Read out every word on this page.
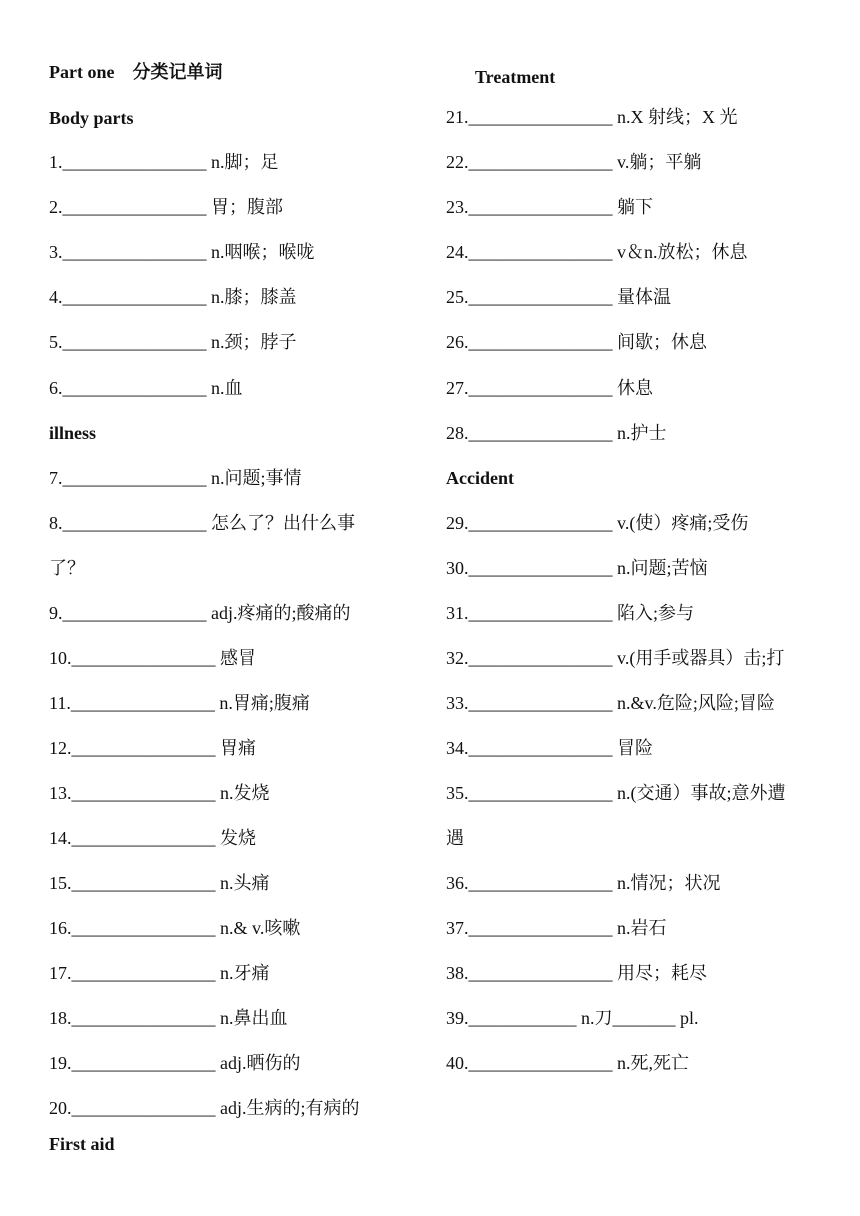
Part one 分类记单词
Body parts
1.________________ n.脚；足
2.________________ 胃；腹部
3.________________ n.咽喉；喉咙
4.________________ n.膝；膝盖
5.________________ n.颈；脖子
6.________________ n.血
illness
7.________________ n.问题;事情
8.________________ 怎么了？出什么事
了？
9.________________ adj.疼痛的;酸痛的
10.________________ 感冒
11.________________ n.胃痛;腹痛
12.________________ 胃痛
13.________________ n.发烧
14.________________ 发烧
15.________________ n.头痛
16.________________ n.& v.咳嗽
17.________________ n.牙痛
18.________________ n.鼻出血
19.________________ adj.晒伤的
20.________________ adj.生病的;有病的
First aid
Treatment
21.________________ n.X 射线；X 光
22.________________ v.躺；平躺
23.________________ 躺下
24.________________ v＆n.放松；休息
25.________________ 量体温
26.________________ 间歇；休息
27.________________ 休息
28.________________ n.护士
Accident
29.________________ v.(使）疼痛;受伤
30.________________ n.问题;苦恼
31.________________ 陷入;参与
32.________________ v.(用手或器具）击;打
33.________________ n.&v.危险;风险;冒险
34.________________ 冒险
35.________________ n.(交通）事故;意外遭
遇
36.________________ n.情况；状况
37.________________ n.岩石
38.________________ 用尽；耗尽
39.____________ n.刀_______ pl.
40.________________ n.死,死亡
